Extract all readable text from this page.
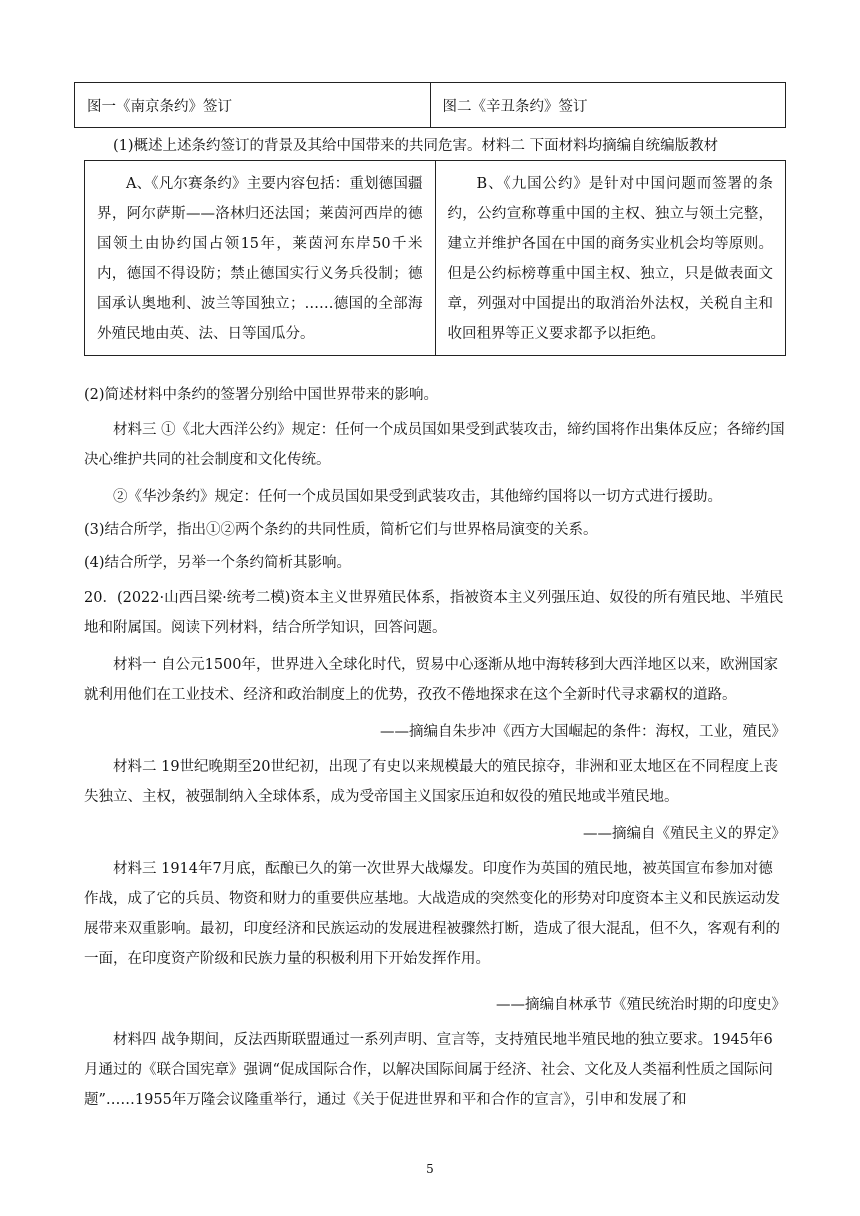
图一《南京条约》签订	图二《辛丑条约》签订

(1)概述上述条约签订的背景及其给中国带来的共同危害。材料二 下面材料均摘编自统编版教材

A、《凡尔赛条约》主要内容包括：重划德国疆界，阿尔萨斯——洛林归还法国；莱茵河西岸的德国领土由协约国占领15年，莱茵河东岸50千米内，德国不得设防；禁止德国实行义务兵役制；德国承认奥地利、波兰等国独立；……德国的全部海外殖民地由英、法、日等国瓜分。	B、《九国公约》是针对中国问题而签署的条约，公约宣称尊重中国的主权、独立与领土完整，建立并维护各国在中国的商务实业机会均等原则。但是公约标榜尊重中国主权、独立，只是做表面文章，列强对中国提出的取消治外法权，关税自主和收回租界等正义要求都予以拒绝。

(2)简述材料中条约的签署分别给中国世界带来的影响。

材料三 ①《北大西洋公约》规定：任何一个成员国如果受到武装攻击，缔约国将作出集体反应；各缔约国决心维护共同的社会制度和文化传统。

②《华沙条约》规定：任何一个成员国如果受到武装攻击，其他缔约国将以一切方式进行援助。

(3)结合所学，指出①②两个条约的共同性质，简析它们与世界格局演变的关系。

(4)结合所学，另举一个条约简析其影响。

20．(2022·山西吕梁·统考二模)资本主义世界殖民体系，指被资本主义列强压迫、奴役的所有殖民地、半殖民地和附属国。阅读下列材料，结合所学知识，回答问题。

材料一 自公元1500年，世界进入全球化时代，贸易中心逐渐从地中海转移到大西洋地区以来，欧洲国家就利用他们在工业技术、经济和政治制度上的优势，孜孜不倦地探求在这个全新时代寻求霸权的道路。

——摘编自朱步冲《西方大国崛起的条件：海权，工业，殖民》

材料二 19世纪晚期至20世纪初，出现了有史以来规模最大的殖民掠夺，非洲和亚太地区在不同程度上丧失独立、主权，被强制纳入全球体系，成为受帝国主义国家压迫和奴役的殖民地或半殖民地。

——摘编自《殖民主义的界定》

材料三 1914年7月底，酝酿已久的第一次世界大战爆发。印度作为英国的殖民地，被英国宣布参加对德作战，成了它的兵员、物资和财力的重要供应基地。大战造成的突然变化的形势对印度资本主义和民族运动发展带来双重影响。最初，印度经济和民族运动的发展进程被骤然打断，造成了很大混乱，但不久，客观有利的一面，在印度资产阶级和民族力量的积极利用下开始发挥作用。

——摘编自林承节《殖民统治时期的印度史》

材料四 战争期间，反法西斯联盟通过一系列声明、宣言等，支持殖民地半殖民地的独立要求。1945年6月通过的《联合国宪章》强调“促成国际合作，以解决国际间属于经济、社会、文化及人类福利性质之国际问题”……1955年万隆会议隆重举行，通过《关于促进世界和平和合作的宣言》，引申和发展了和

5
